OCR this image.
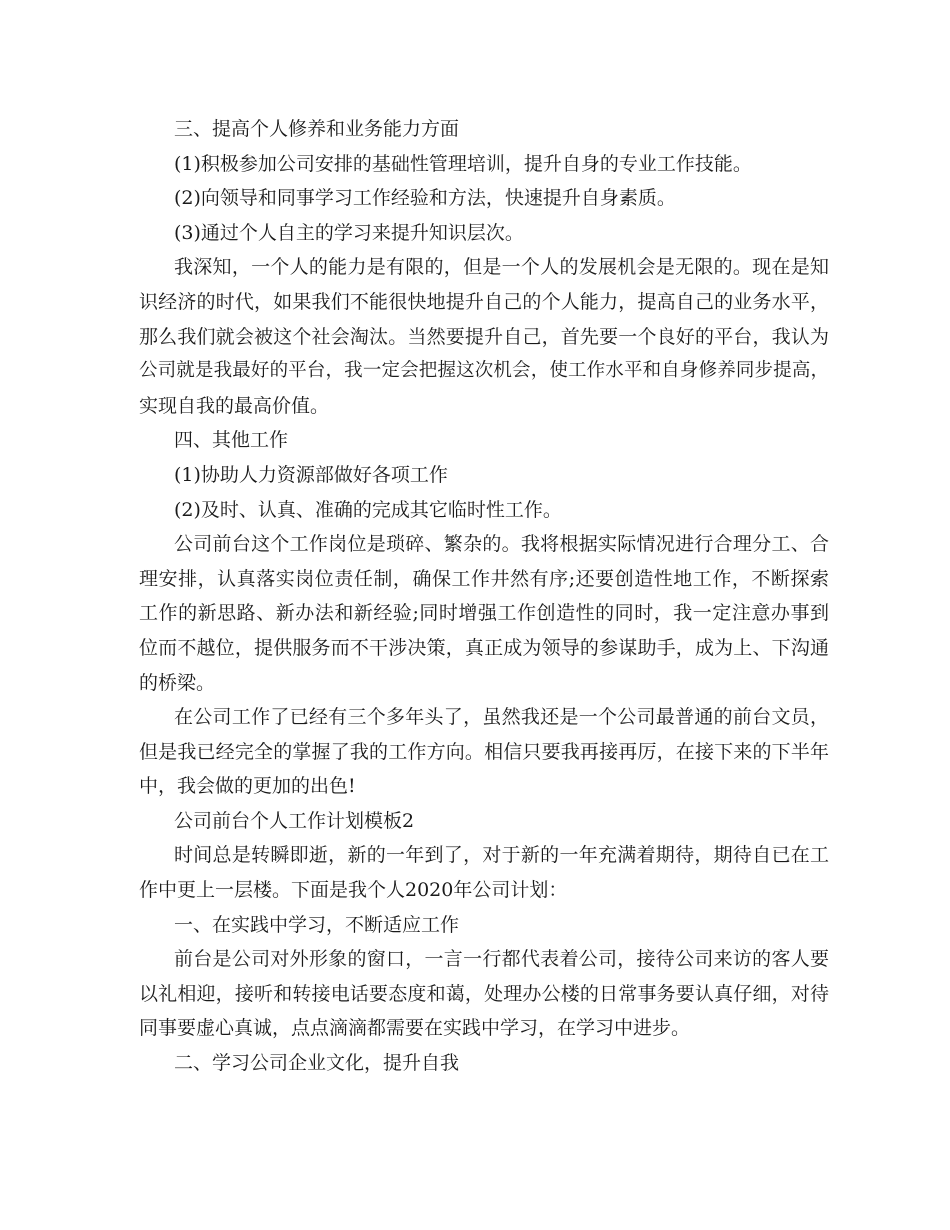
三、提高个人修养和业务能力方面
(1)积极参加公司安排的基础性管理培训，提升自身的专业工作技能。
(2)向领导和同事学习工作经验和方法，快速提升自身素质。
(3)通过个人自主的学习来提升知识层次。
我深知，一个人的能力是有限的，但是一个人的发展机会是无限的。现在是知
识经济的时代，如果我们不能很快地提升自己的个人能力，提高自己的业务水平，
那么我们就会被这个社会淘汰。当然要提升自己，首先要一个良好的平台，我认为
公司就是我最好的平台，我一定会把握这次机会，使工作水平和自身修养同步提高，
实现自我的最高价值。
四、其他工作
(1)协助人力资源部做好各项工作
(2)及时、认真、准确的完成其它临时性工作。
公司前台这个工作岗位是琐碎、繁杂的。我将根据实际情况进行合理分工、合
理安排，认真落实岗位责任制，确保工作井然有序;还要创造性地工作，不断探索
工作的新思路、新办法和新经验;同时增强工作创造性的同时，我一定注意办事到
位而不越位，提供服务而不干涉决策，真正成为领导的参谋助手，成为上、下沟通
的桥梁。
在公司工作了已经有三个多年头了，虽然我还是一个公司最普通的前台文员，
但是我已经完全的掌握了我的工作方向。相信只要我再接再厉，在接下来的下半年
中，我会做的更加的出色!
公司前台个人工作计划模板2
时间总是转瞬即逝，新的一年到了，对于新的一年充满着期待，期待自已在工
作中更上一层楼。下面是我个人2020年公司计划：
一、在实践中学习，不断适应工作
前台是公司对外形象的窗口，一言一行都代表着公司，接待公司来访的客人要
以礼相迎，接听和转接电话要态度和蔼，处理办公楼的日常事务要认真仔细，对待
同事要虚心真诚，点点滴滴都需要在实践中学习，在学习中进步。
二、学习公司企业文化，提升自我
